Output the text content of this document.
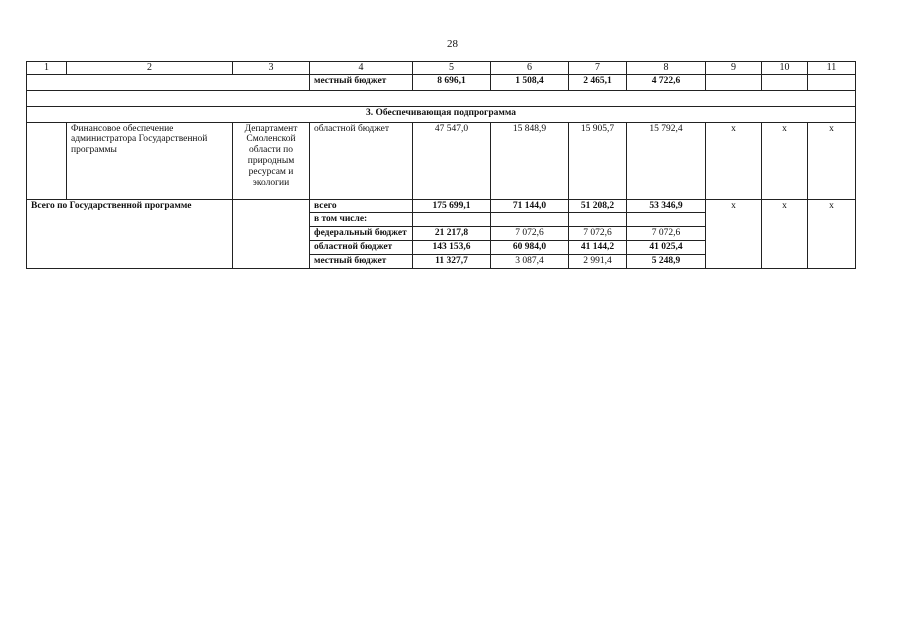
28
1	2	3	4	5	6	7	8	9	10	11
			местный бюджет	8 696,1	1 508,4	2 465,1	4 722,6			

3. Обеспечивающая подпрограмма										
	Финансовое обеспечение администратора Государственной программы	Департамент Смоленской области по природным ресурсам и экологии	областной бюджет	47 547,0	15 848,9	15 905,7	15 792,4	х	х	х
Всего по Государственной программе			всего	175 699,1	71 144,0	51 208,2	53 346,9	х	х	х
			в том числе:							
			федеральный бюджет	21 217,8	7 072,6	7 072,6	7 072,6			
			областной бюджет	143 153,6	60 984,0	41 144,2	41 025,4			
			местный бюджет	11 327,7	3 087,4	2 991,4	5 248,9			
